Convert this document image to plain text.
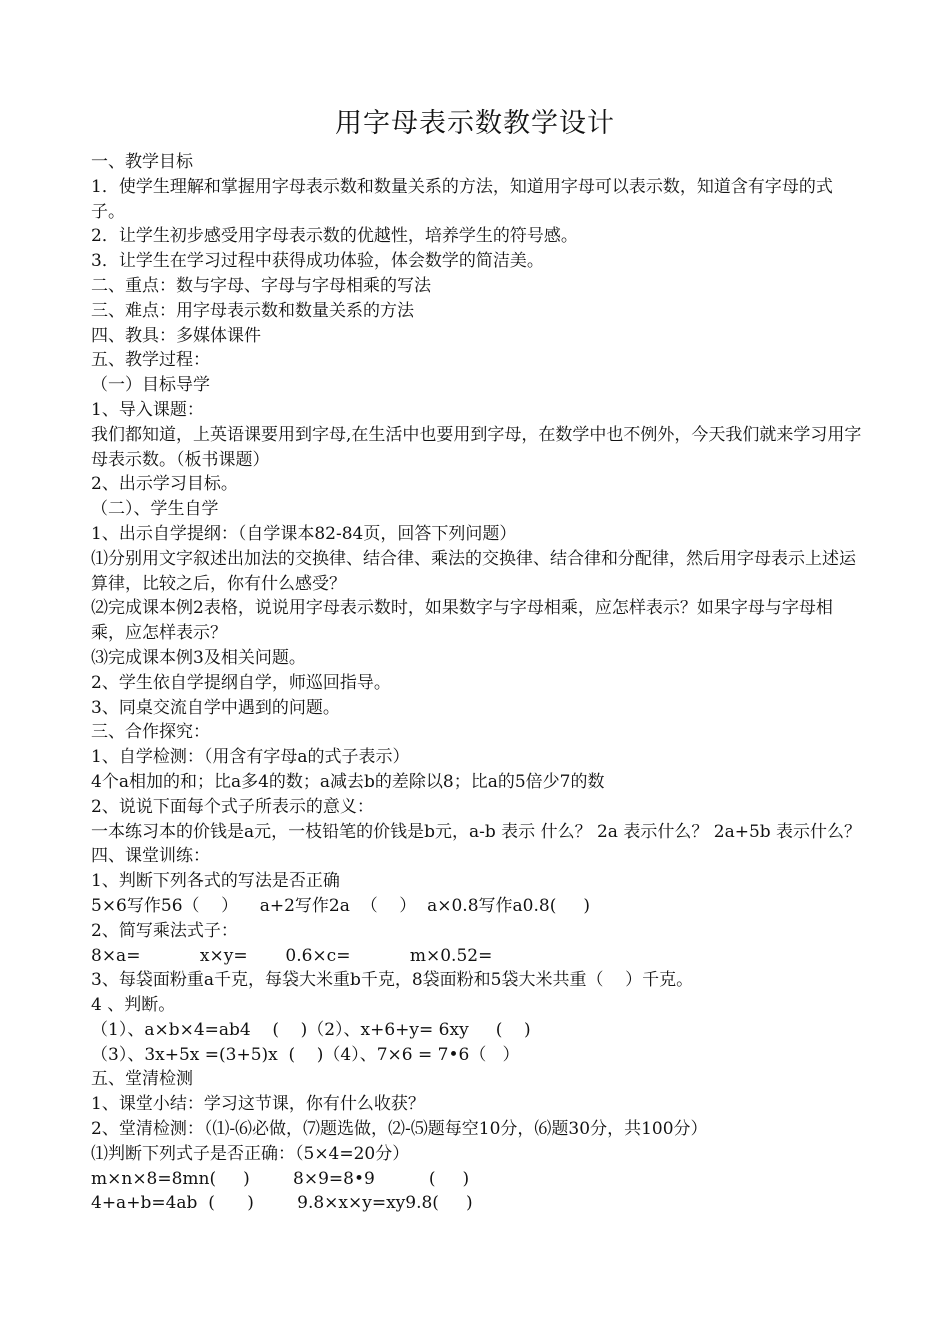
用字母表示数教学设计

一、教学目标

1．使学生理解和掌握用字母表示数和数量关系的方法，知道用字母可以表示数，知道含有字母的式子。

2．让学生初步感受用字母表示数的优越性，培养学生的符号感。

3．让学生在学习过程中获得成功体验，体会数学的简洁美。

二、重点：数与字母、字母与字母相乘的写法

三、难点：用字母表示数和数量关系的方法

四、教具：多媒体课件

五、教学过程：

（一）目标导学

1、导入课题：

我们都知道，上英语课要用到字母,在生活中也要用到字母，在数学中也不例外，今天我们就来学习用字母表示数。（板书课题）

2、出示学习目标。

（二）、学生自学

1、出示自学提纲：（自学课本82-84页，回答下列问题）

⑴分别用文字叙述出加法的交换律、结合律、乘法的交换律、结合律和分配律，然后用字母表示上述运算律，比较之后，你有什么感受？

⑵完成课本例2表格，说说用字母表示数时，如果数字与字母相乘，应怎样表示？如果字母与字母相乘，应怎样表示？

⑶完成课本例3及相关问题。

2、学生依自学提纲自学，师巡回指导。

3、同桌交流自学中遇到的问题。

三、合作探究：

1、自学检测：（用含有字母a的式子表示）

4个a相加的和；比a多4的数；a减去b的差除以8；比a的5倍少7的数

2、说说下面每个式子所表示的意义：

一本练习本的价钱是a元，一枝铅笔的价钱是b元，a-b 表示 什么？ 2a 表示什么？ 2a+5b 表示什么？

四、课堂训练：

1、判断下列各式的写法是否正确

5×6写作56（    ）    a+2写作2a  （    ）  a×0.8写作a0.8(     )

2、简写乘法式子：

8×a=           x×y=       0.6×c=           m×0.52=

3、每袋面粉重a千克，每袋大米重b千克，8袋面粉和5袋大米共重（    ）千克。

4 、判断。

（1）、a×b×4=ab4    (    )（2）、x+6+y= 6xy     (    )

（3）、3x+5x =(3+5)x  (    )（4）、7×6 = 7•6（   ）

五、堂清检测

1、课堂小结：学习这节课，你有什么收获？

2、堂清检测：（⑴-⑹必做，⑺题选做，⑵-⑸题每空10分，⑹题30分，共100分）

⑴判断下列式子是否正确：（5×4=20分）

m×n×8=8mn(     )        8×9=8•9          (     )

4+a+b=4ab  (      )        9.8×x×y=xy9.8(     )
